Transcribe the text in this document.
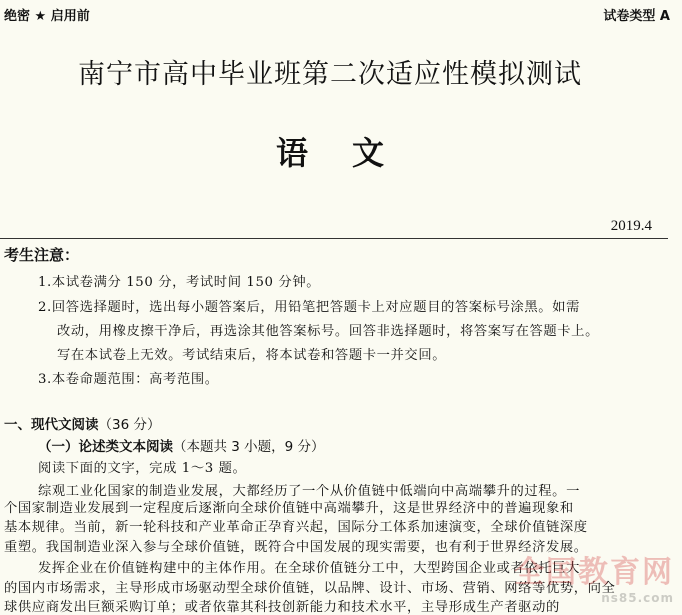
绝密 ★ 启用前	试卷类型 A
南宁市高中毕业班第二次适应性模拟测试
语 文
2019.4
考生注意：
1.本试卷满分 150 分，考试时间 150 分钟。
2.回答选择题时，选出每小题答案后，用铅笔把答题卡上对应题目的答案标号涂黑。如需
改动，用橡皮擦干净后，再选涂其他答案标号。回答非选择题时，将答案写在答题卡上。
写在本试卷上无效。考试结束后，将本试卷和答题卡一并交回。
3.本卷命题范围：高考范围。
一、现代文阅读（36 分）
（一）论述类文本阅读（本题共 3 小题，9 分）
阅读下面的文字，完成 1～3 题。
综观工业化国家的制造业发展，大都经历了一个从价值链中低端向中高端攀升的过程。一
个国家制造业发展到一定程度后逐渐向全球价值链中高端攀升，这是世界经济中的普遍现象和
基本规律。当前，新一轮科技和产业革命正孕育兴起，国际分工体系加速演变，全球价值链深度
重塑。我国制造业深入参与全球价值链，既符合中国发展的现实需要，也有利于世界经济发展。
发挥企业在价值链构建中的主体作用。在全球价值链分工中，大型跨国企业或者依托巨大
的国内市场需求，主导形成市场驱动型全球价值链，以品牌、设计、市场、营销、网络等优势，向全
球供应商发出巨额采购订单；或者依靠其科技创新能力和技术水平，主导形成生产者驱动的
全国教育网
ns85.com
